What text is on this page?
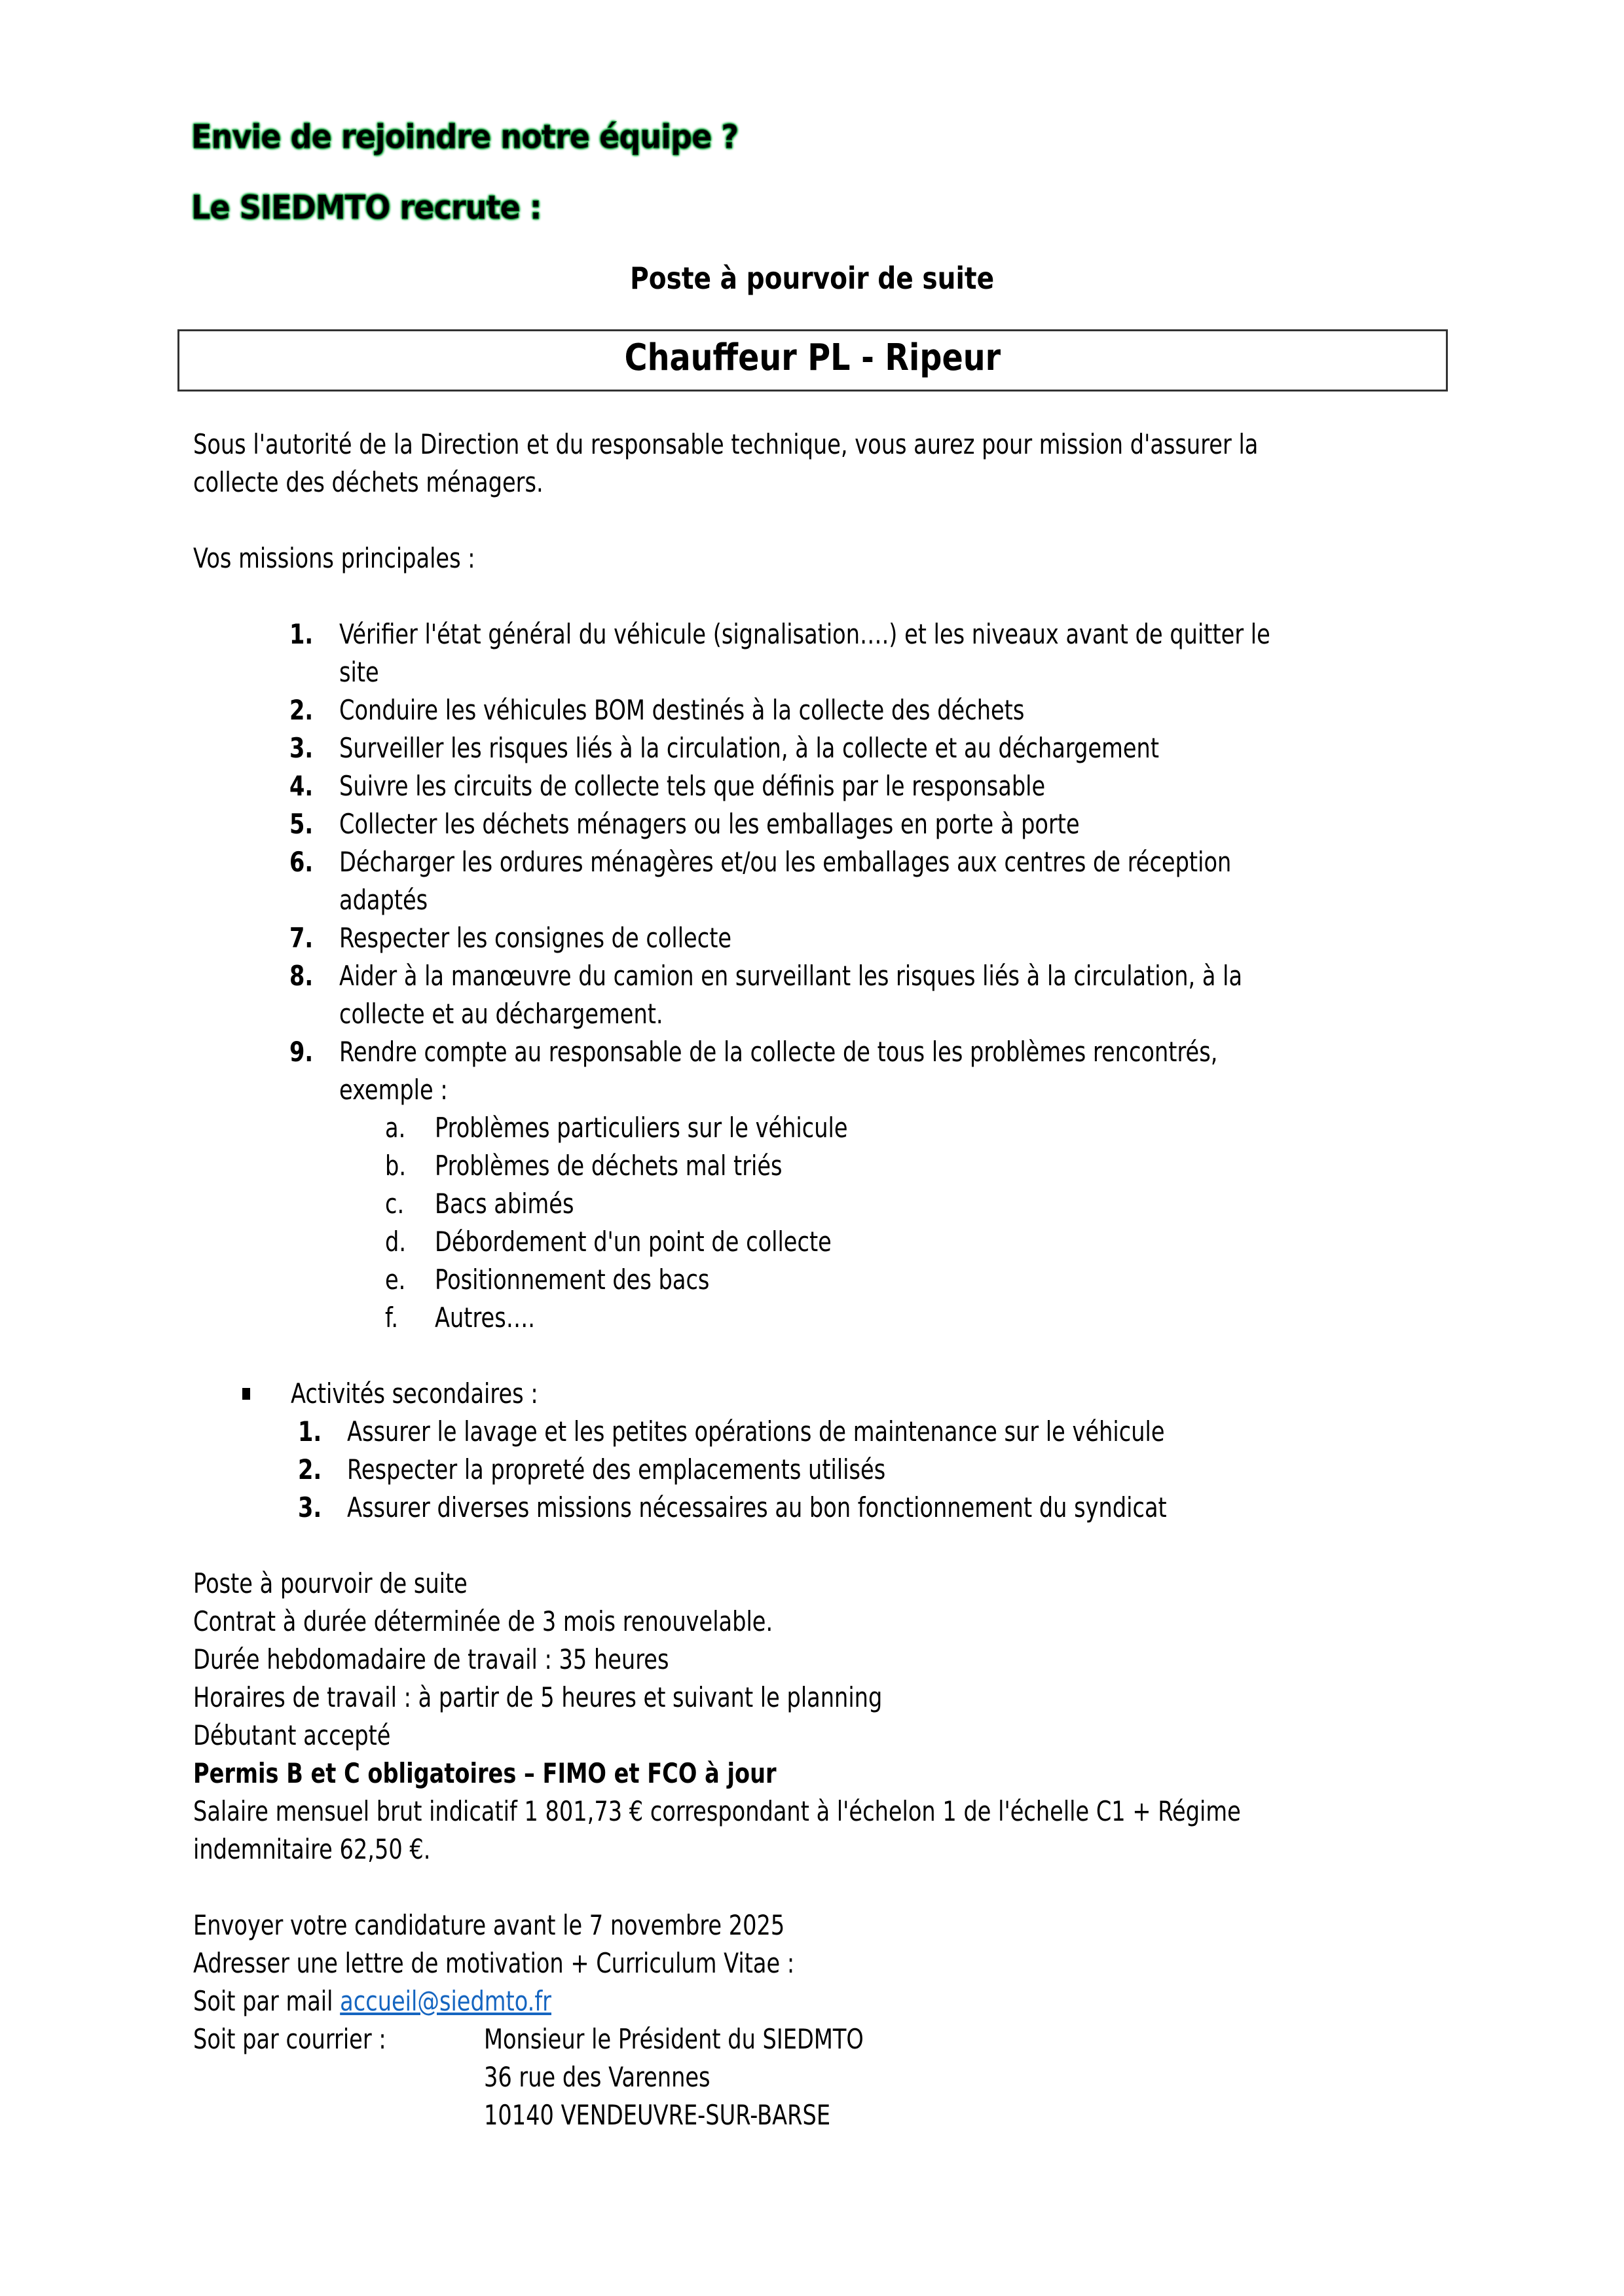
Envie de rejoindre notre équipe ?
Le SIEDMTO recrute :
Poste à pourvoir de suite
Chauffeur PL - Ripeur
Sous l'autorité de la Direction et du responsable technique, vous aurez pour mission d'assurer la
collecte des déchets ménagers.
Vos missions principales :
1. Vérifier l'état général du véhicule (signalisation….) et les niveaux avant de quitter le
site
2. Conduire les véhicules BOM destinés à la collecte des déchets
3. Surveiller les risques liés à la circulation, à la collecte et au déchargement
4. Suivre les circuits de collecte tels que définis par le responsable
5. Collecter les déchets ménagers ou les emballages en porte à porte
6. Décharger les ordures ménagères et/ou les emballages aux centres de réception
adaptés
7. Respecter les consignes de collecte
8. Aider à la manœuvre du camion en surveillant les risques liés à la circulation, à la
collecte et au déchargement.
9. Rendre compte au responsable de la collecte de tous les problèmes rencontrés,
exemple :
a. Problèmes particuliers sur le véhicule
b. Problèmes de déchets mal triés
c. Bacs abimés
d. Débordement d'un point de collecte
e. Positionnement des bacs
f. Autres….
Activités secondaires :
1. Assurer le lavage et les petites opérations de maintenance sur le véhicule
2. Respecter la propreté des emplacements utilisés
3. Assurer diverses missions nécessaires au bon fonctionnement du syndicat
Poste à pourvoir de suite
Contrat à durée déterminée de 3 mois renouvelable.
Durée hebdomadaire de travail : 35 heures
Horaires de travail : à partir de 5 heures et suivant le planning
Débutant accepté
Permis B et C obligatoires – FIMO et FCO à jour
Salaire mensuel brut indicatif 1 801,73 € correspondant à l'échelon 1 de l'échelle C1 + Régime
indemnitaire 62,50 €.
Envoyer votre candidature avant le 7 novembre 2025
Adresser une lettre de motivation + Curriculum Vitae :
Soit par mail accueil@siedmto.fr
Soit par courrier :	Monsieur le Président du SIEDMTO
36 rue des Varennes
10140 VENDEUVRE-SUR-BARSE
